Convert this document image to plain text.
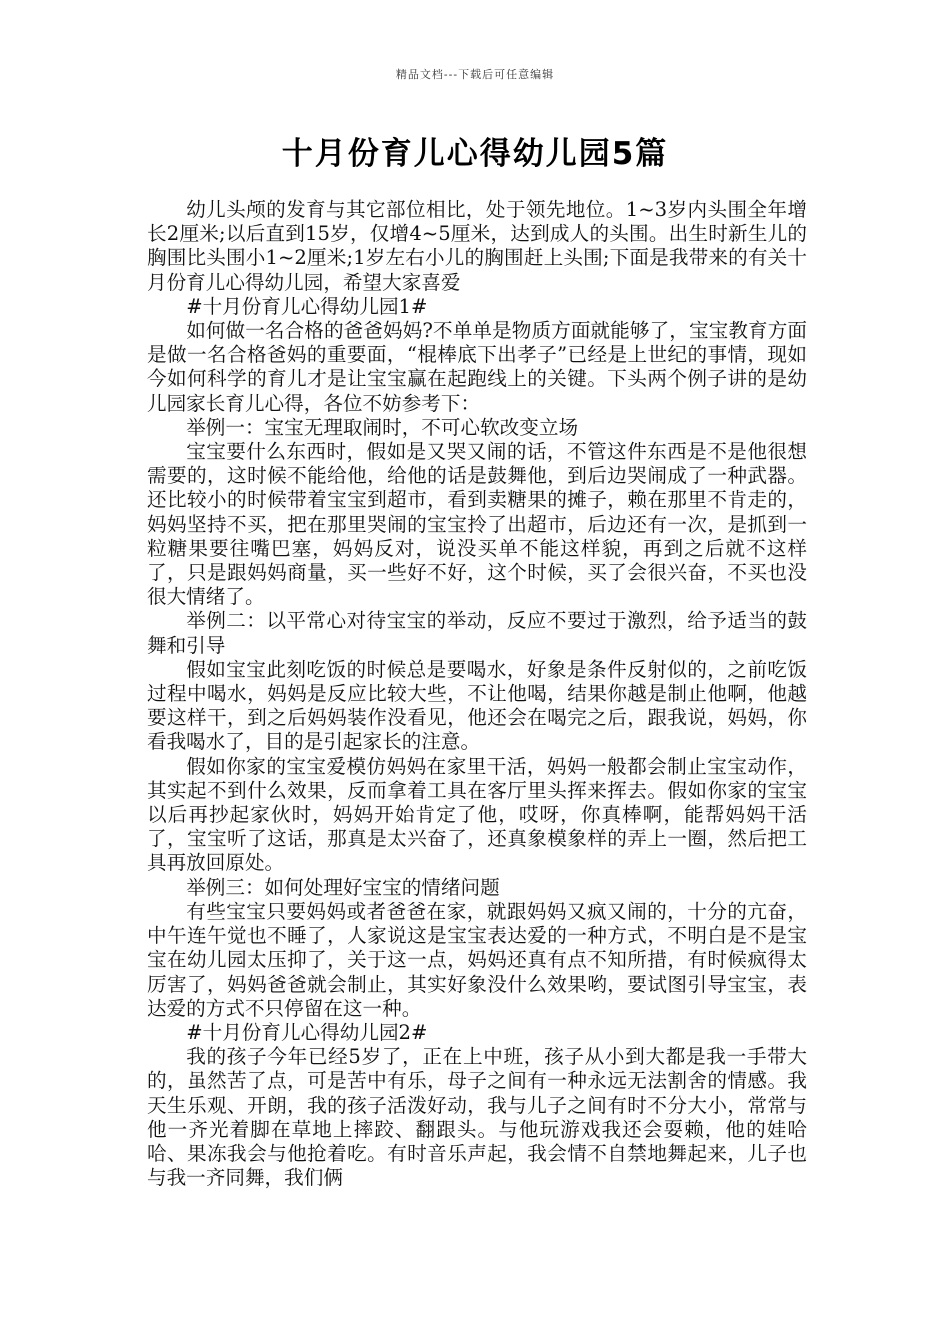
精品文档---下载后可任意编辑
十月份育儿心得幼儿园5篇

幼儿头颅的发育与其它部位相比，处于领先地位。1~3岁内头围全年增长2厘米;以后直到15岁，仅增4~5厘米，达到成人的头围。出生时新生儿的胸围比头围小1~2厘米;1岁左右小儿的胸围赶上头围;下面是我带来的有关十月份育儿心得幼儿园，希望大家喜爱

#十月份育儿心得幼儿园1#

如何做一名合格的爸爸妈妈?不单单是物质方面就能够了，宝宝教育方面是做一名合格爸妈的重要面，“棍棒底下出孝子”已经是上世纪的事情，现如今如何科学的育儿才是让宝宝赢在起跑线上的关键。下头两个例子讲的是幼儿园家长育儿心得，各位不妨参考下：

举例一：宝宝无理取闹时，不可心软改变立场

宝宝要什么东西时，假如是又哭又闹的话，不管这件东西是不是他很想需要的，这时候不能给他，给他的话是鼓舞他，到后边哭闹成了一种武器。还比较小的时候带着宝宝到超市，看到卖糖果的摊子，赖在那里不肯走的，妈妈坚持不买，把在那里哭闹的宝宝拎了出超市，后边还有一次，是抓到一粒糖果要往嘴巴塞，妈妈反对，说没买单不能这样貌，再到之后就不这样了，只是跟妈妈商量，买一些好不好，这个时候，买了会很兴奋，不买也没很大情绪了。

举例二：以平常心对待宝宝的举动，反应不要过于激烈，给予适当的鼓舞和引导

假如宝宝此刻吃饭的时候总是要喝水，好象是条件反射似的，之前吃饭过程中喝水，妈妈是反应比较大些，不让他喝，结果你越是制止他啊，他越要这样干，到之后妈妈装作没看见，他还会在喝完之后，跟我说，妈妈，你看我喝水了，目的是引起家长的注意。

假如你家的宝宝爱模仿妈妈在家里干活，妈妈一般都会制止宝宝动作，其实起不到什么效果，反而拿着工具在客厅里头挥来挥去。假如你家的宝宝以后再抄起家伙时，妈妈开始肯定了他，哎呀，你真棒啊，能帮妈妈干活了，宝宝听了这话，那真是太兴奋了，还真象模象样的弄上一圈，然后把工具再放回原处。

举例三：如何处理好宝宝的情绪问题

有些宝宝只要妈妈或者爸爸在家，就跟妈妈又疯又闹的，十分的亢奋，中午连午觉也不睡了，人家说这是宝宝表达爱的一种方式，不明白是不是宝宝在幼儿园太压抑了，关于这一点，妈妈还真有点不知所措，有时候疯得太厉害了，妈妈爸爸就会制止，其实好象没什么效果哟，要试图引导宝宝，表达爱的方式不只停留在这一种。

#十月份育儿心得幼儿园2#

我的孩子今年已经5岁了，正在上中班，孩子从小到大都是我一手带大的，虽然苦了点，可是苦中有乐，母子之间有一种永远无法割舍的情感。我天生乐观、开朗，我的孩子活泼好动，我与儿子之间有时不分大小，常常与他一齐光着脚在草地上摔跤、翻跟头。与他玩游戏我还会耍赖，他的娃哈哈、果冻我会与他抢着吃。有时音乐声起，我会情不自禁地舞起来，儿子也与我一齐同舞，我们俩
